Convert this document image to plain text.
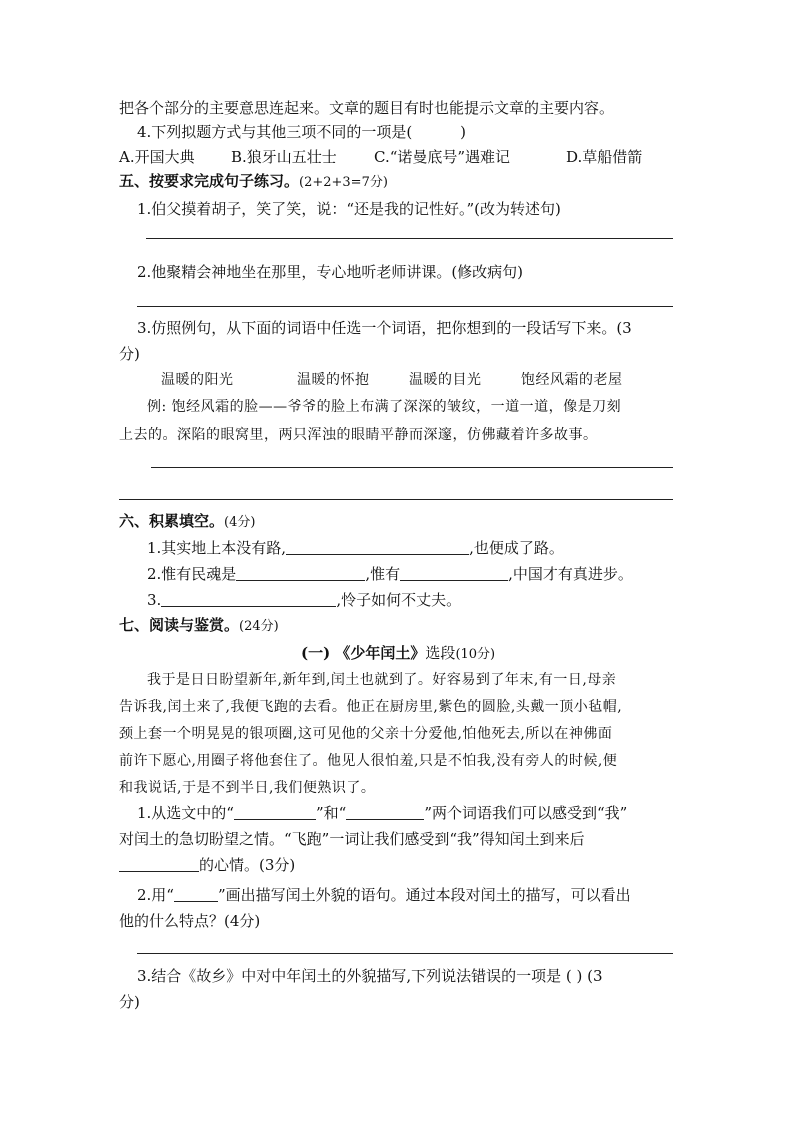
把各个部分的主要意思连起来。文章的题目有时也能提示文章的主要内容。
4.下列拟题方式与其他三项不同的一项是(	)
A.开国大典 B.狼牙山五壮士 C.“诺曼底号”遇难记	D.草船借箭
五、按要求完成句子练习。(2+2+3=7分)
1.伯父摸着胡子，笑了笑，说：“还是我的记性好。”(改为转述句)
2.他聚精会神地坐在那里，专心地听老师讲课。(修改病句)
3.仿照例句，从下面的词语中任选一个词语，把你想到的一段话写下来。(3
分)
温暖的阳光	温暖的怀抱	温暖的目光	饱经风霜的老屋
例: 饱经风霜的脸——爷爷的脸上布满了深深的皱纹，一道一道，像是刀刻
上去的。深陷的眼窝里，两只浑浊的眼睛平静而深邃，仿佛藏着许多故事。
六、积累填空。(4分)
1.其实地上本没有路,	,也便成了路。
2.惟有民魂是	,惟有	,中国才有真进步。
3.	,怜子如何不丈夫。
七、阅读与鉴赏。(24分)
(一) 《少年闰土》选段(10分)
我于是日日盼望新年,新年到,闰土也就到了。好容易到了年末,有一日,母亲
告诉我,闰土来了,我便飞跑的去看。他正在厨房里,紫色的圆脸,头戴一顶小毡帽,
颈上套一个明晃晃的银项圈,这可见他的父亲十分爱他,怕他死去,所以在神佛面
前许下愿心,用圈子将他套住了。他见人很怕羞,只是不怕我,没有旁人的时候,便
和我说话,于是不到半日,我们便熟识了。
1.从选文中的“	”和“	”两个词语我们可以感受到“我”
对闰土的急切盼望之情。“飞跑”一词让我们感受到“我”得知闰土到来后
的心情。(3分)
2.用“	”画出描写闰土外貌的语句。通过本段对闰土的描写，可以看出
他的什么特点？(4分)
3.结合《故乡》中对中年闰土的外貌描写,下列说法错误的一项是 ( ) (3
分)
